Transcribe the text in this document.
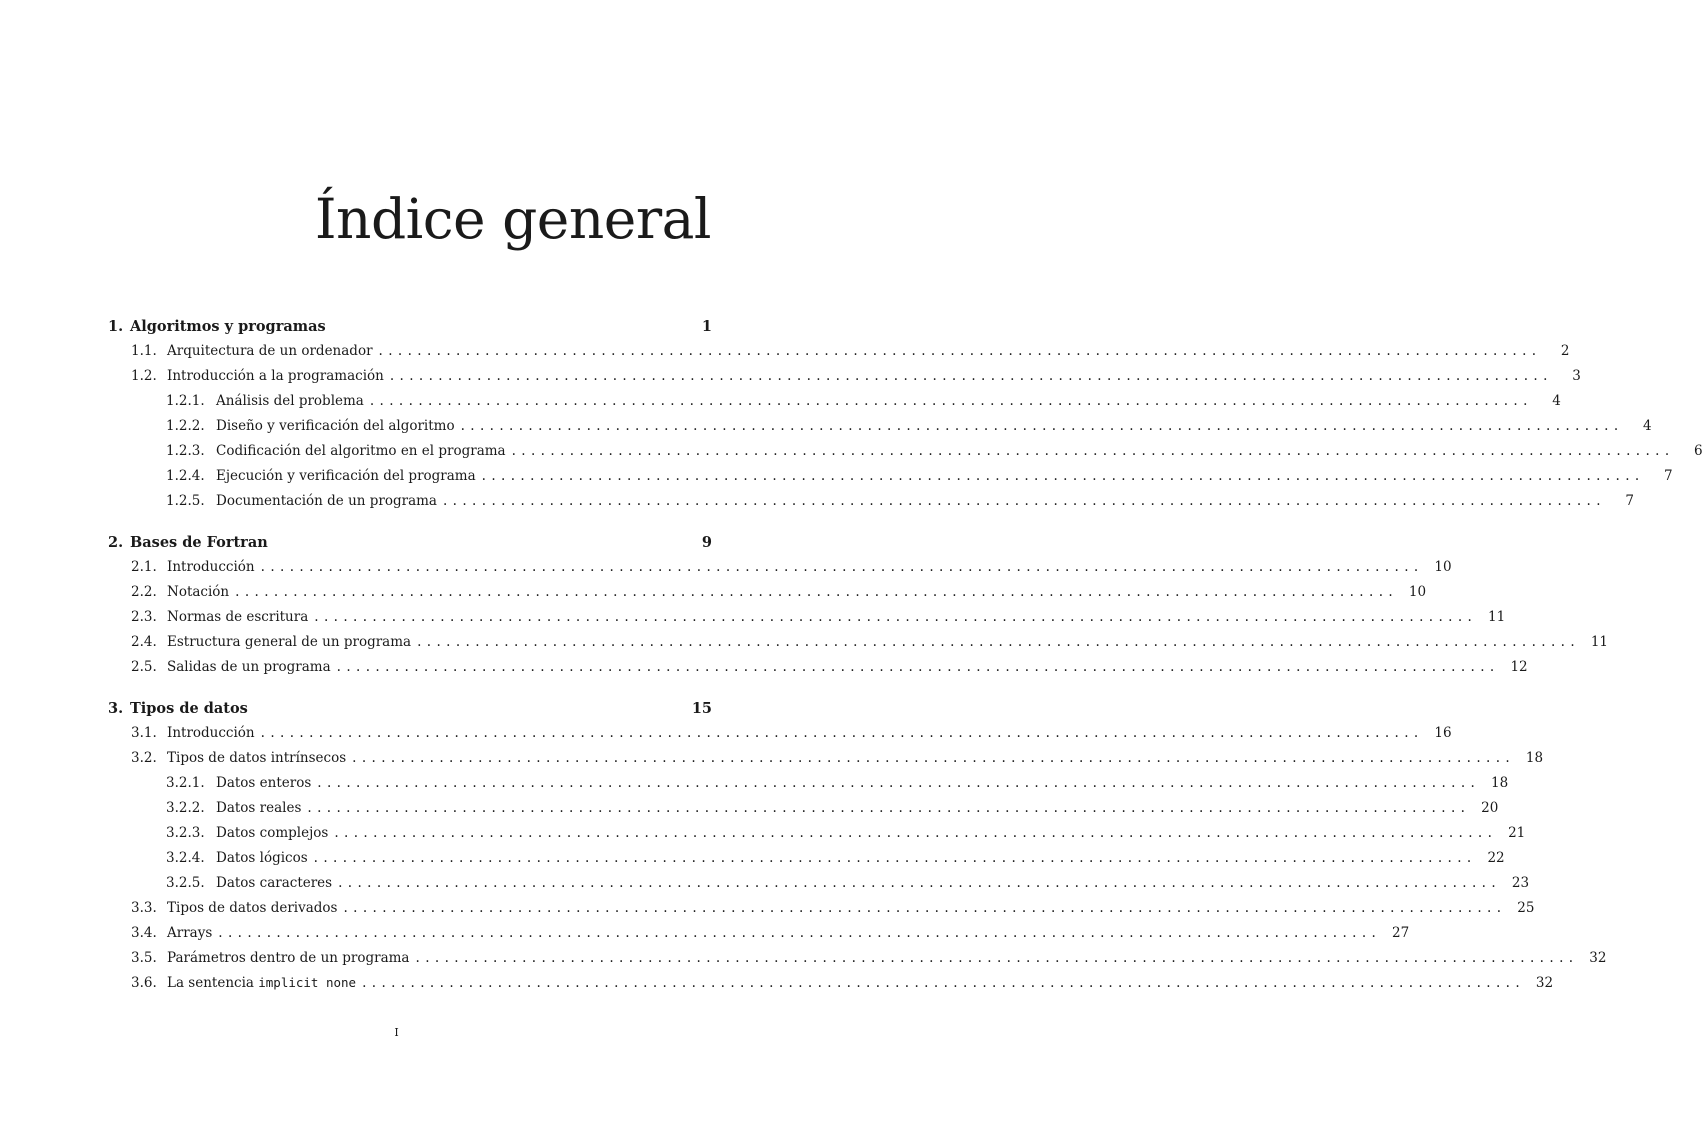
Índice general
1. Algoritmos y programas	1
1.1. Arquitectura de un ordenador ........................................................................................................................	2
1.2. Introducción a la programación ........................................................................................................................	3
1.2.1. Análisis del problema ........................................................................................................................	4
1.2.2. Diseño y verificación del algoritmo ........................................................................................................................	4
1.2.3. Codificación del algoritmo en el programa ........................................................................................................................	6
1.2.4. Ejecución y verificación del programa ........................................................................................................................	7
1.2.5. Documentación de un programa ........................................................................................................................	7
2. Bases de Fortran	9
2.1. Introducción ........................................................................................................................ 10
2.2. Notación ........................................................................................................................ 10
2.3. Normas de escritura ........................................................................................................................ 11
2.4. Estructura general de un programa ........................................................................................................................ 11
2.5. Salidas de un programa ........................................................................................................................ 12
3. Tipos de datos	15
3.1. Introducción ........................................................................................................................ 16
3.2. Tipos de datos intrínsecos ........................................................................................................................ 18
3.2.1. Datos enteros ........................................................................................................................ 18
3.2.2. Datos reales ........................................................................................................................ 20
3.2.3. Datos complejos ........................................................................................................................ 21
3.2.4. Datos lógicos ........................................................................................................................ 22
3.2.5. Datos caracteres ........................................................................................................................ 23
3.3. Tipos de datos derivados ........................................................................................................................ 25
3.4. Arrays ........................................................................................................................ 27
3.5. Parámetros dentro de un programa ........................................................................................................................ 32
3.6. La sentencia implicit none ........................................................................................................................ 32
I
